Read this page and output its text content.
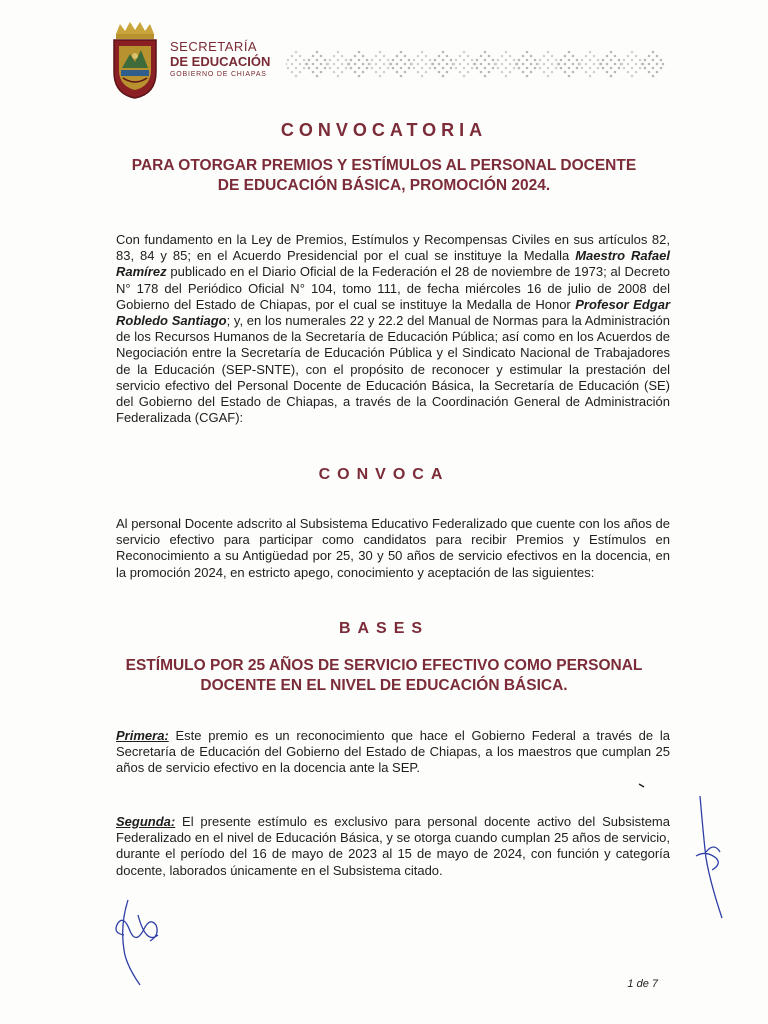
SECRETARÍA
DE EDUCACIÓN
GOBIERNO DE CHIAPAS
CONVOCATORIA
PARA OTORGAR PREMIOS Y ESTÍMULOS AL PERSONAL DOCENTE
DE EDUCACIÓN BÁSICA, PROMOCIÓN 2024.
Con fundamento en la Ley de Premios, Estímulos y Recompensas Civiles en sus artículos 82, 83, 84 y 85; en el Acuerdo Presidencial por el cual se instituye la Medalla Maestro Rafael Ramírez publicado en el Diario Oficial de la Federación el 28 de noviembre de 1973; al Decreto N° 178 del Periódico Oficial N° 104, tomo 111, de fecha miércoles 16 de julio de 2008 del Gobierno del Estado de Chiapas, por el cual se instituye la Medalla de Honor Profesor Edgar Robledo Santiago; y, en los numerales 22 y 22.2 del Manual de Normas para la Administración de los Recursos Humanos de la Secretaría de Educación Pública; así como en los Acuerdos de Negociación entre la Secretaría de Educación Pública y el Sindicato Nacional de Trabajadores de la Educación (SEP-SNTE), con el propósito de reconocer y estimular la prestación del servicio efectivo del Personal Docente de Educación Básica, la Secretaría de Educación (SE) del Gobierno del Estado de Chiapas, a través de la Coordinación General de Administración Federalizada (CGAF):
CONVOCA
Al personal Docente adscrito al Subsistema Educativo Federalizado que cuente con los años de servicio efectivo para participar como candidatos para recibir Premios y Estímulos en Reconocimiento a su Antigüedad por 25, 30 y 50 años de servicio efectivos en la docencia, en la promoción 2024, en estricto apego, conocimiento y aceptación de las siguientes:
BASES
ESTÍMULO POR 25 AÑOS DE SERVICIO EFECTIVO COMO PERSONAL
DOCENTE EN EL NIVEL DE EDUCACIÓN BÁSICA.
Primera: Este premio es un reconocimiento que hace el Gobierno Federal a través de la Secretaría de Educación del Gobierno del Estado de Chiapas, a los maestros que cumplan 25 años de servicio efectivo en la docencia ante la SEP.
Segunda: El presente estímulo es exclusivo para personal docente activo del Subsistema Federalizado en el nivel de Educación Básica, y se otorga cuando cumplan 25 años de servicio, durante el período del 16 de mayo de 2023 al 15 de mayo de 2024, con función y categoría docente, laborados únicamente en el Subsistema citado.
1 de 7
